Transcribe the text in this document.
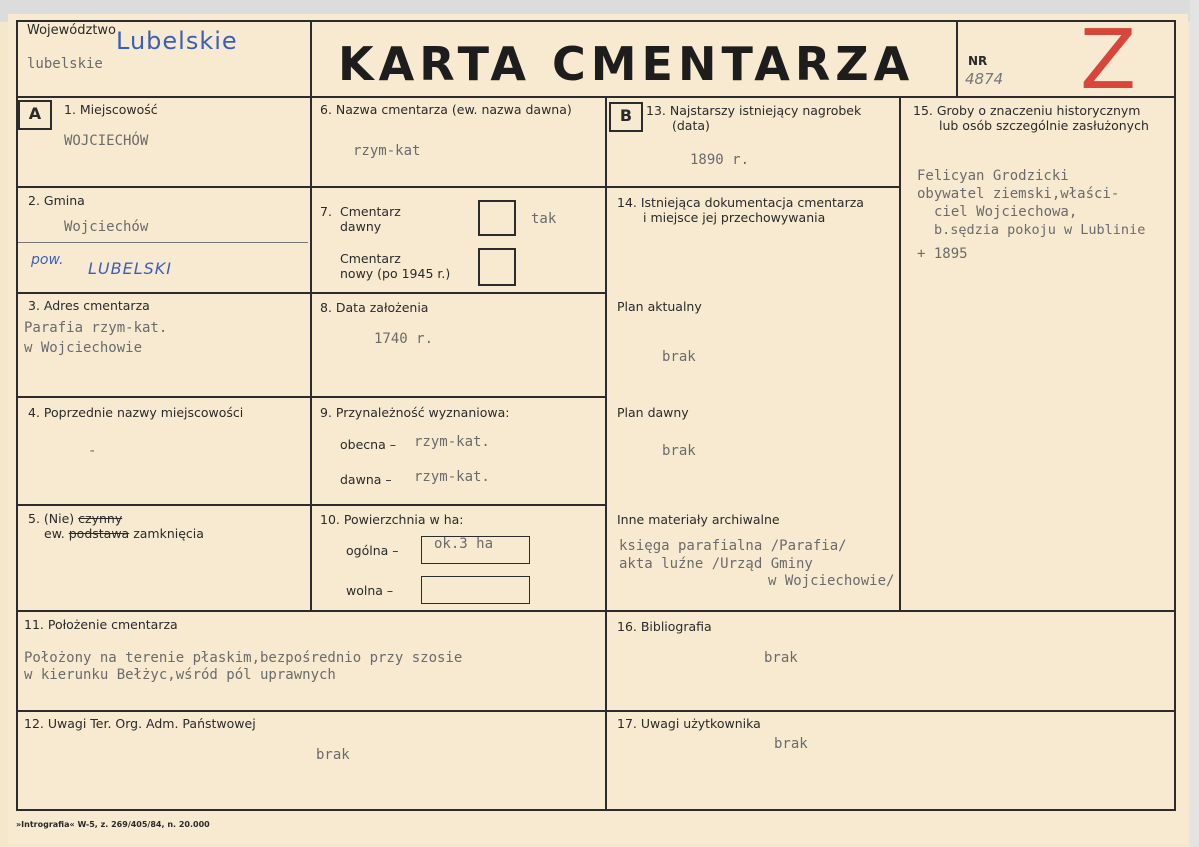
Województwo Lubelskie
lubelskie	KARTA CMENTARZA	NR
4874 Z
A	1. Miejscowość
WOJCIECHÓW
2. Gmina
Wojciechów
pow. LUBELSKI
3. Adres cmentarza
Parafia rzym-kat.
w Wojciechowie
4. Poprzednie nazwy miejscowości
-
5. (Nie) czynny
ew. podstawa zamknięcia
6. Nazwa cmentarza (ew. nazwa dawna)
rzym-kat
7. Cmentarz
dawny	tak
Cmentarz
nowy (po 1945 r.)
8. Data założenia
1740 r.
9. Przynależność wyznaniowa:
obecna – rzym-kat.
dawna – rzym-kat.
10. Powierzchnia w ha:
ogólna –	ok.3 ha
wolna –
B	13. Najstarszy istniejący nagrobek
(data)
1890 r.
14. Istniejąca dokumentacja cmentarza
i miejsce jej przechowywania
Plan aktualny
brak
Plan dawny
brak
Inne materiały archiwalne
księga parafialna /Parafia/
akta luźne /Urząd Gminy
w Wojciechowie/
15. Groby o znaczeniu historycznym
lub osób szczególnie zasłużonych
Felicyan Grodzicki
obywatel ziemski,właści-
ciel Wojciechowa,
b.sędzia pokoju w Lublinie
+ 1895
11. Położenie cmentarza
Położony na terenie płaskim,bezpośrednio przy szosie
w kierunku Bełżyc,wśród pól uprawnych
16. Bibliografia
brak
12. Uwagi Ter. Org. Adm. Państwowej
brak
17. Uwagi użytkownika
brak
»Intrografia« W-5, z. 269/405/84, n. 20.000
